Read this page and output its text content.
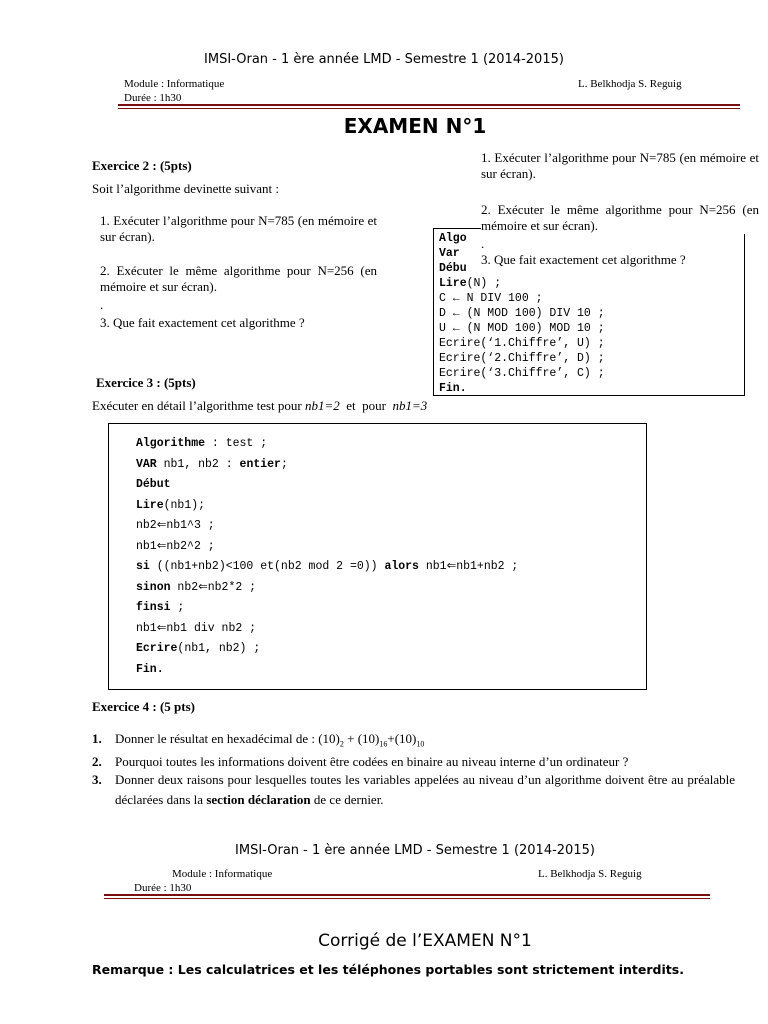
IMSI-Oran - 1 ère année LMD - Semestre 1 (2014-2015)
Module : Informatique
Durée : 1h30
L. Belkhodja S. Reguig
EXAMEN N°1
Exercice 2 : (5pts)
Soit l’algorithme devinette suivant :
1. Exécuter l’algorithme pour N=785 (en mémoire et sur écran).
2. Exécuter le même algorithme pour N=256 (en mémoire et sur écran).
.
3. Que fait exactement cet algorithme ?
Algo
Var
Débu
Lire(N) ;
C ← N DIV 100 ;
D ← (N MOD 100) DIV 10 ;
U ← (N MOD 100) MOD 10 ;
Ecrire(‘1.Chiffre’, U) ;
Ecrire(‘2.Chiffre’, D) ;
Ecrire(‘3.Chiffre’, C) ;
Fin.
1. Exécuter l’algorithme pour N=785 (en mémoire et sur écran).
2. Exécuter le même algorithme pour N=256 (en mémoire et sur écran).
.
3. Que fait exactement cet algorithme ?
Exercice 3 : (5pts)
Exécuter en détail l’algorithme test pour nb1=2  et  pour  nb1=3
Algorithme : test ;
VAR nb1, nb2 : entier;
Début
Lire(nb1);
nb2⇐nb1^3 ;
nb1⇐nb2^2 ;
si ((nb1+nb2)<100 et(nb2 mod 2 =0)) alors nb1⇐nb1+nb2 ;
sinon nb2⇐nb2*2 ;
finsi ;
nb1⇐nb1 div nb2 ;
Ecrire(nb1, nb2) ;
Fin.
Exercice 4 : (5 pts)
1. Donner le résultat en hexadécimal de : $(10)_2 + (10)_{16}+(10)_{10}$
2. Pourquoi toutes les informations doivent être codées en binaire au niveau interne d’un ordinateur ?
3. Donner deux raisons pour lesquelles toutes les variables appelées au niveau d’un algorithme doivent être au préalable déclarées dans la section déclaration de ce dernier.
IMSI-Oran - 1 ère année LMD - Semestre 1 (2014-2015)
Module : Informatique
Durée : 1h30
L. Belkhodja S. Reguig
Corrigé de l’EXAMEN N°1
Remarque : Les calculatrices et les téléphones portables sont strictement interdits.
